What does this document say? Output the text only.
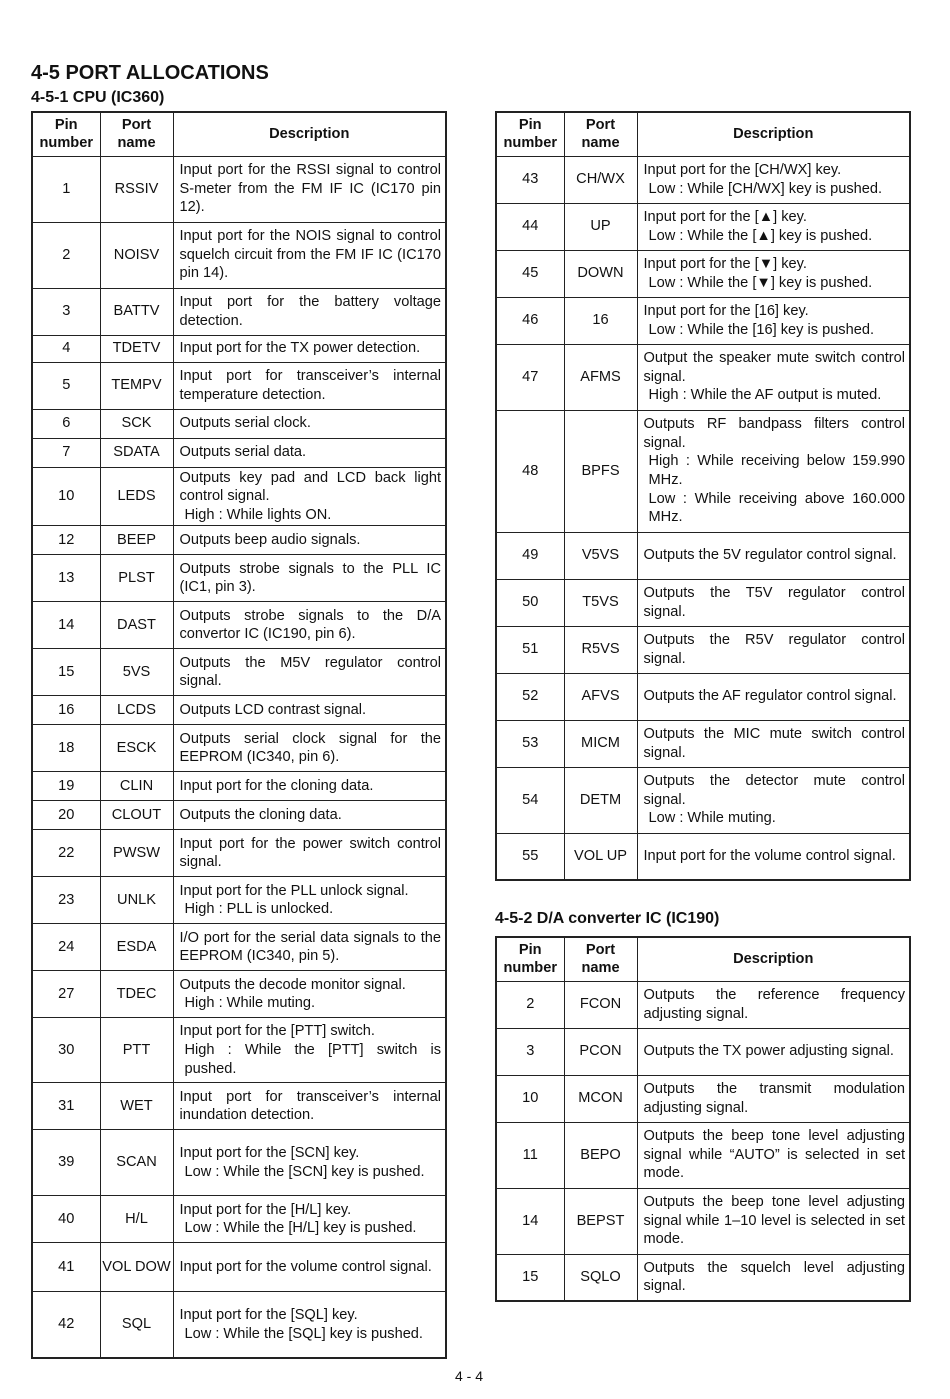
4-5 PORT ALLOCATIONS
4-5-1 CPU (IC360)
Pin number	Port name	Description
1	RSSIV	Input port for the RSSI signal to control S-meter from the FM IF IC (IC170 pin 12).

2	NOISV	Input port for the NOIS signal to control squelch circuit from the FM IF IC (IC170 pin 14).

3	BATTV	Input port for the battery voltage detection.

4	TDETV	Input port for the TX power detection.

5	TEMPV	Input port for transceiver’s internal temperature detection.

6	SCK	Outputs serial clock.

7	SDATA	Outputs serial data.

10	LEDS	Outputs key pad and LCD back light control signal.
High : While lights ON.

12	BEEP	Outputs beep audio signals.

13	PLST	Outputs strobe signals to the PLL IC (IC1, pin 3).

14	DAST	Outputs strobe signals to the D/A convertor IC (IC190, pin 6).

15	5VS	Outputs the M5V regulator control signal.

16	LCDS	Outputs LCD contrast signal.

18	ESCK	Outputs serial clock signal for the EEPROM (IC340, pin 6).

19	CLIN	Input port for the cloning data.

20	CLOUT	Outputs the cloning data.

22	PWSW	Input port for the power switch control signal.

23	UNLK	Input port for the PLL unlock signal.
High : PLL is unlocked.

24	ESDA	I/O port for the serial data signals to the EEPROM (IC340, pin 5).

27	TDEC	Outputs the decode monitor signal.
High : While muting.

30	PTT	Input port for the [PTT] switch.
High : While the [PTT] switch is pushed.

31	WET	Input port for transceiver’s internal inundation detection.

39	SCAN	Input port for the [SCN] key.
Low : While the [SCN] key is pushed.

40	H/L	Input port for the [H/L] key.
Low : While the [H/L] key is pushed.

41	VOL DOW	Input port for the volume control signal.

42	SQL	Input port for the [SQL] key.
Low : While the [SQL] key is pushed.
Pin number	Port name	Description
43	CH/WX	Input port for the [CH/WX] key.
Low : While [CH/WX] key is pushed.

44	UP	Input port for the [▲] key.
Low : While the [▲] key is pushed.

45	DOWN	Input port for the [▼] key.
Low : While the [▼] key is pushed.

46	16	Input port for the [16] key.
Low : While the [16] key is pushed.

47	AFMS	Output the speaker mute switch control signal.
High : While the AF output is muted.

48	BPFS	Outputs RF bandpass filters control signal.
High : While receiving below 159.990 MHz.
Low : While receiving above 160.000 MHz.

49	V5VS	Outputs the 5V regulator control signal.

50	T5VS	Outputs the T5V regulator control signal.

51	R5VS	Outputs the R5V regulator control signal.

52	AFVS	Outputs the AF regulator control signal.

53	MICM	Outputs the MIC mute switch control signal.

54	DETM	Outputs the detector mute control signal.
Low : While muting.

55	VOL UP	Input port for the volume control signal.
4-5-2 D/A converter IC (IC190)
Pin number	Port name	Description
2	FCON	Outputs the reference frequency adjusting signal.

3	PCON	Outputs the TX power adjusting signal.

10	MCON	Outputs the transmit modulation adjusting signal.

11	BEPO	Outputs the beep tone level adjusting signal while “AUTO” is selected in set mode.

14	BEPST	Outputs the beep tone level adjusting signal while 1–10 level is selected in set mode.

15	SQLO	Outputs the squelch level adjusting signal.
4 - 4
